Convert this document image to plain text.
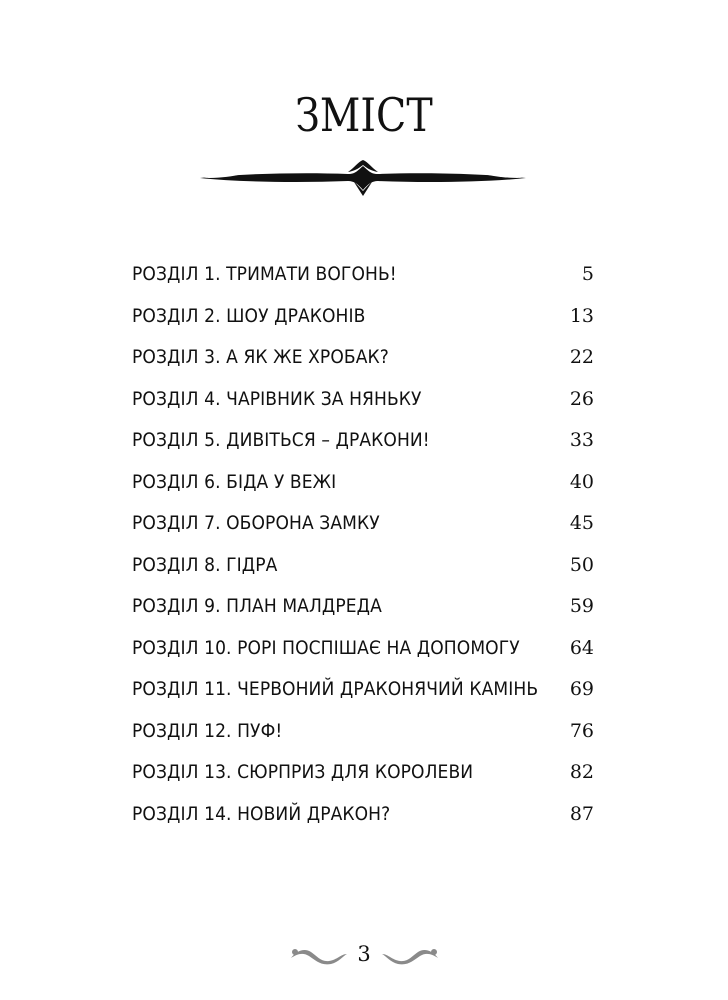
ЗМІСТ
РОЗДІЛ 1. ТРИМАТИ ВОГОНЬ!	5
РОЗДІЛ 2. ШОУ ДРАКОНІВ	13
РОЗДІЛ 3. А ЯК ЖЕ ХРОБАК?	22
РОЗДІЛ 4. ЧАРІВНИК ЗА НЯНЬКУ	26
РОЗДІЛ 5. ДИВІТЬСЯ – ДРАКОНИ!	33
РОЗДІЛ 6. БІДА У ВЕЖІ	40
РОЗДІЛ 7. ОБОРОНА ЗАМКУ	45
РОЗДІЛ 8. ГІДРА	50
РОЗДІЛ 9. ПЛАН МАЛДРЕДА	59
РОЗДІЛ 10. РОРІ ПОСПІШАЄ НА ДОПОМОГУ	64
РОЗДІЛ 11. ЧЕРВОНИЙ ДРАКОНЯЧИЙ КАМІНЬ 69
РОЗДІЛ 12. ПУФ!	76
РОЗДІЛ 13. СЮРПРИЗ ДЛЯ КОРОЛЕВИ	82
РОЗДІЛ 14. НОВИЙ ДРАКОН?	87
3
